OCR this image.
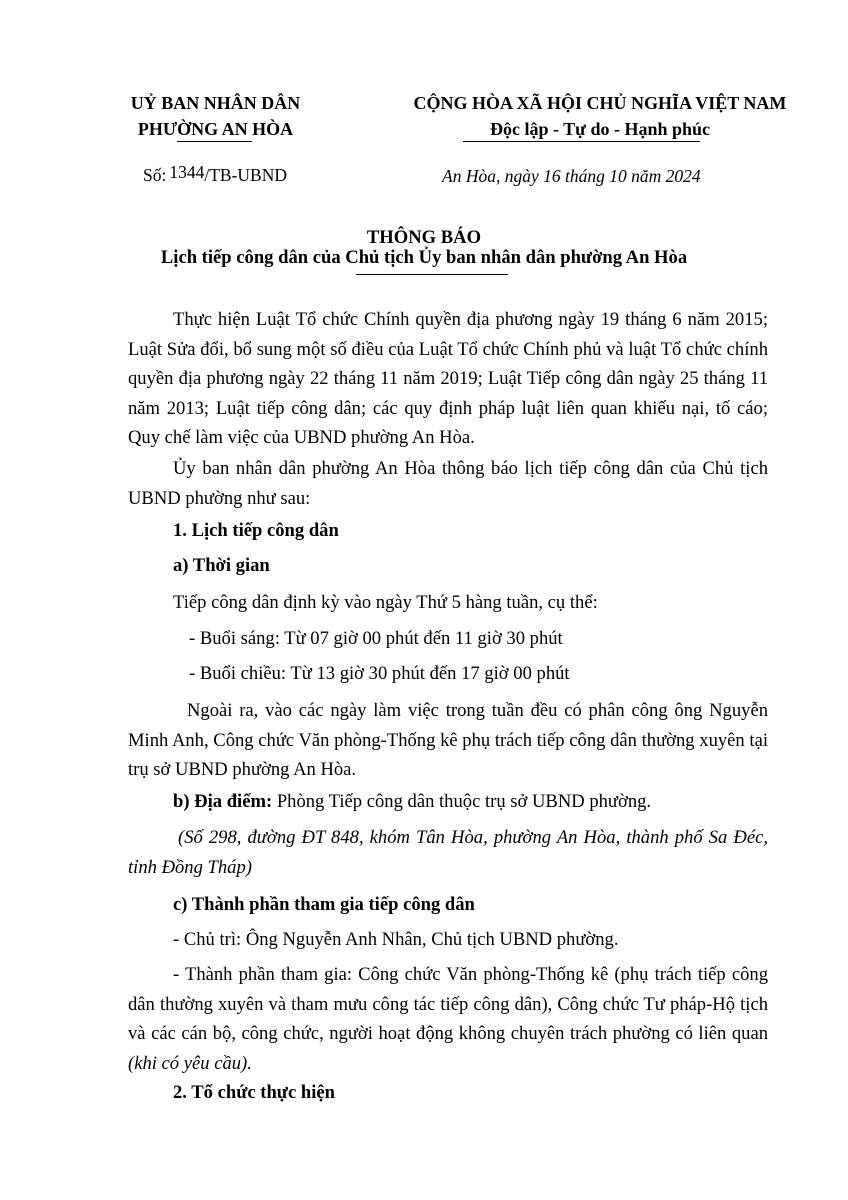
UỶ BAN NHÂN DÂN
PHƯỜNG AN HÒA
CỘNG HÒA XÃ HỘI CHỦ NGHĨA VIỆT NAM
Độc lập - Tự do - Hạnh phúc
Số: 1344/TB-UBND	An Hòa, ngày 16 tháng 10 năm 2024
THÔNG BÁO
Lịch tiếp công dân của Chủ tịch Ủy ban nhân dân phường An Hòa
Thực hiện Luật Tổ chức Chính quyền địa phương ngày 19 tháng 6 năm 2015; Luật Sửa đổi, bổ sung một số điều của Luật Tổ chức Chính phủ và luật Tổ chức chính quyền địa phương ngày 22 tháng 11 năm 2019; Luật Tiếp công dân ngày 25 tháng 11 năm 2013; Luật tiếp công dân; các quy định pháp luật liên quan khiếu nại, tố cáo; Quy chế làm việc của UBND phường An Hòa.
Ủy ban nhân dân phường An Hòa thông báo lịch tiếp công dân của Chủ tịch UBND phường như sau:
1. Lịch tiếp công dân
a) Thời gian
Tiếp công dân định kỳ vào ngày Thứ 5 hàng tuần, cụ thể:
- Buổi sáng: Từ 07 giờ 00 phút đến 11 giờ 30 phút
- Buổi chiều: Từ 13 giờ 30 phút đến 17 giờ 00 phút
Ngoài ra, vào các ngày làm việc trong tuần đều có phân công ông Nguyễn Minh Anh, Công chức Văn phòng-Thống kê phụ trách tiếp công dân thường xuyên tại trụ sở UBND phường An Hòa.
b) Địa điểm: Phòng Tiếp công dân thuộc trụ sở UBND phường.
(Số 298, đường ĐT 848, khóm Tân Hòa, phường An Hòa, thành phố Sa Đéc, tỉnh Đồng Tháp)
c) Thành phần tham gia tiếp công dân
- Chủ trì: Ông Nguyễn Anh Nhân, Chủ tịch UBND phường.
- Thành phần tham gia: Công chức Văn phòng-Thống kê (phụ trách tiếp công dân thường xuyên và tham mưu công tác tiếp công dân), Công chức Tư pháp-Hộ tịch và các cán bộ, công chức, người hoạt động không chuyên trách phường có liên quan (khi có yêu cầu).
2. Tổ chức thực hiện
